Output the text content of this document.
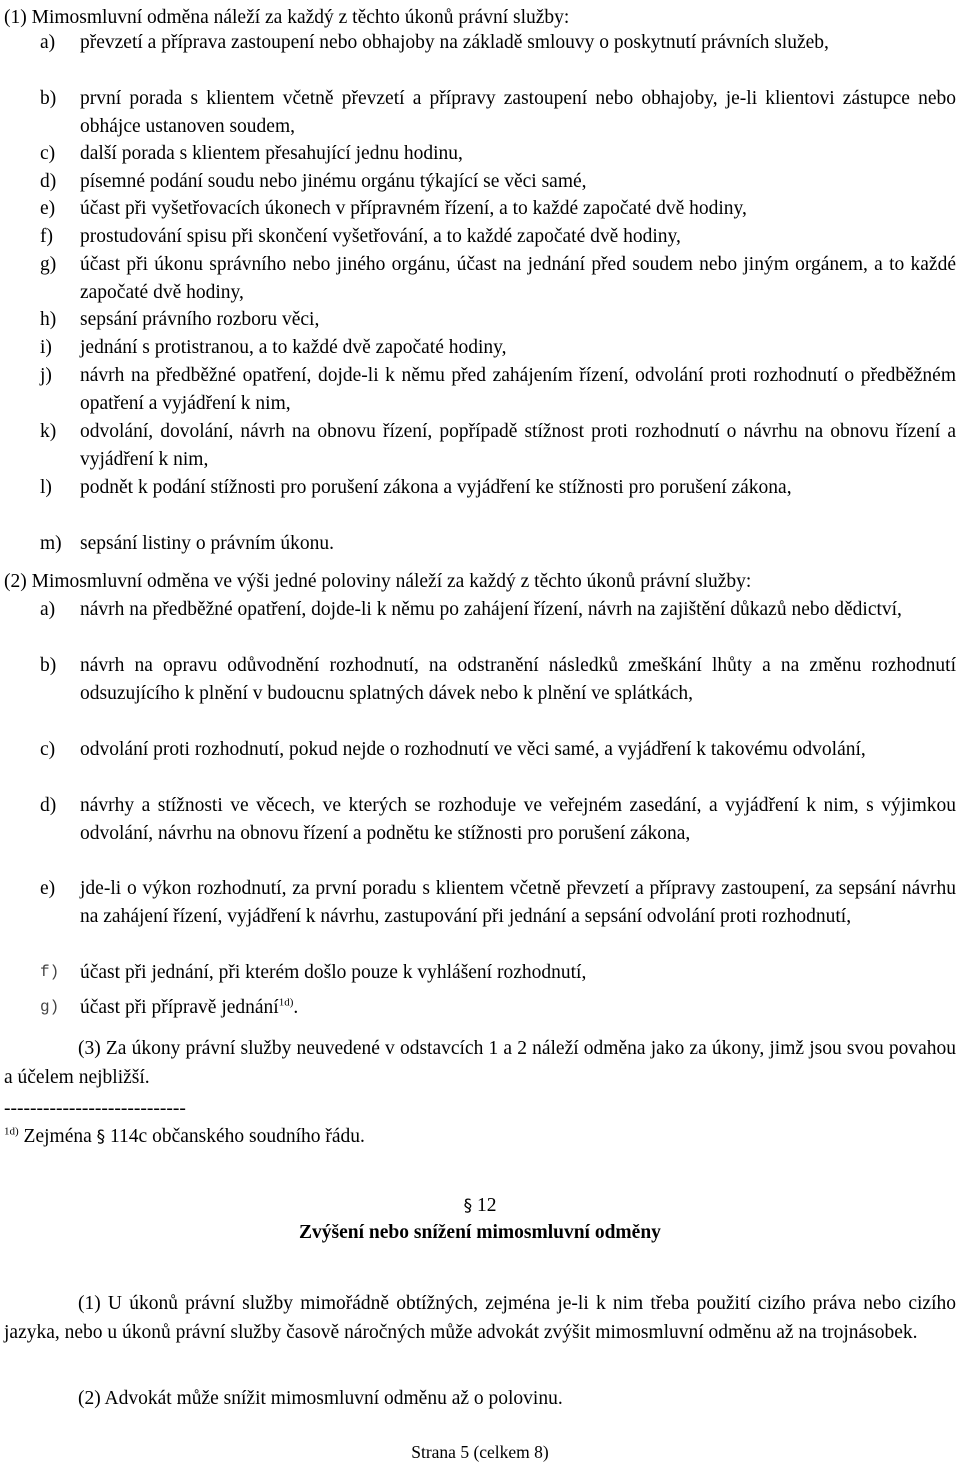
(1) Mimosmluvní odměna náleží za každý z těchto úkonů právní služby:
a)	převzetí a příprava zastoupení nebo obhajoby na základě smlouvy o poskytnutí právních služeb,
b)	první porada s klientem včetně převzetí a přípravy zastoupení nebo obhajoby, je-li klientovi zástupce nebo obhájce ustanoven soudem,
c)	další porada s klientem přesahující jednu hodinu,
d)	písemné podání soudu nebo jinému orgánu týkající se věci samé,
e)	účast při vyšetřovacích úkonech v přípravném řízení, a to každé započaté dvě hodiny,
f)	prostudování spisu při skončení vyšetřování, a to každé započaté dvě hodiny,
g)	účast při úkonu správního nebo jiného orgánu, účast na jednání před soudem nebo jiným orgánem, a to každé započaté dvě hodiny,
h)	sepsání právního rozboru věci,
i)	jednání s protistranou, a to každé dvě započaté hodiny,
j)	návrh na předběžné opatření, dojde-li k němu před zahájením řízení, odvolání proti rozhodnutí o předběžném opatření a vyjádření k nim,
k)	odvolání, dovolání, návrh na obnovu řízení, popřípadě stížnost proti rozhodnutí o návrhu na obnovu řízení a vyjádření k nim,
l)	podnět k podání stížnosti pro porušení zákona a vyjádření ke stížnosti pro porušení zákona,
m) sepsání listiny o právním úkonu.
(2) Mimosmluvní odměna ve výši jedné poloviny náleží za každý z těchto úkonů právní služby:
a)	návrh na předběžné opatření, dojde-li k němu po zahájení řízení, návrh na zajištění důkazů nebo dědictví,
b)	návrh na opravu odůvodnění rozhodnutí, na odstranění následků zmeškání lhůty a na změnu rozhodnutí odsuzujícího k plnění v budoucnu splatných dávek nebo k plnění ve splátkách,
c)	odvolání proti rozhodnutí, pokud nejde o rozhodnutí ve věci samé, a vyjádření k takovému odvolání,
d)	návrhy a stížnosti ve věcech, ve kterých se rozhoduje ve veřejném zasedání, a vyjádření k nim, s výjimkou odvolání, návrhu na obnovu řízení a podnětu ke stížnosti pro porušení zákona,
e)	jde-li o výkon rozhodnutí, za první poradu s klientem včetně převzetí a přípravy zastoupení, za sepsání návrhu na zahájení řízení, vyjádření k návrhu, zastupování při jednání a sepsání odvolání proti rozhodnutí,
f)	účast při jednání, při kterém došlo pouze k vyhlášení rozhodnutí,
g)	účast při přípravě jednání$^{1d)}$.
(3) Za úkony právní služby neuvedené v odstavcích 1 a 2 náleží odměna jako za úkony, jimž jsou svou povahou a účelem nejbližší.
----------------------------
$^{1d)}$ Zejména § 114c občanského soudního řádu.
§ 12
Zvýšení nebo snížení mimosmluvní odměny
(1) U úkonů právní služby mimořádně obtížných, zejména je-li k nim třeba použití cizího práva nebo cizího jazyka, nebo u úkonů právní služby časově náročných může advokát zvýšit mimosmluvní odměnu až na trojnásobek.
(2) Advokát může snížit mimosmluvní odměnu až o polovinu.
Strana 5 (celkem 8)
